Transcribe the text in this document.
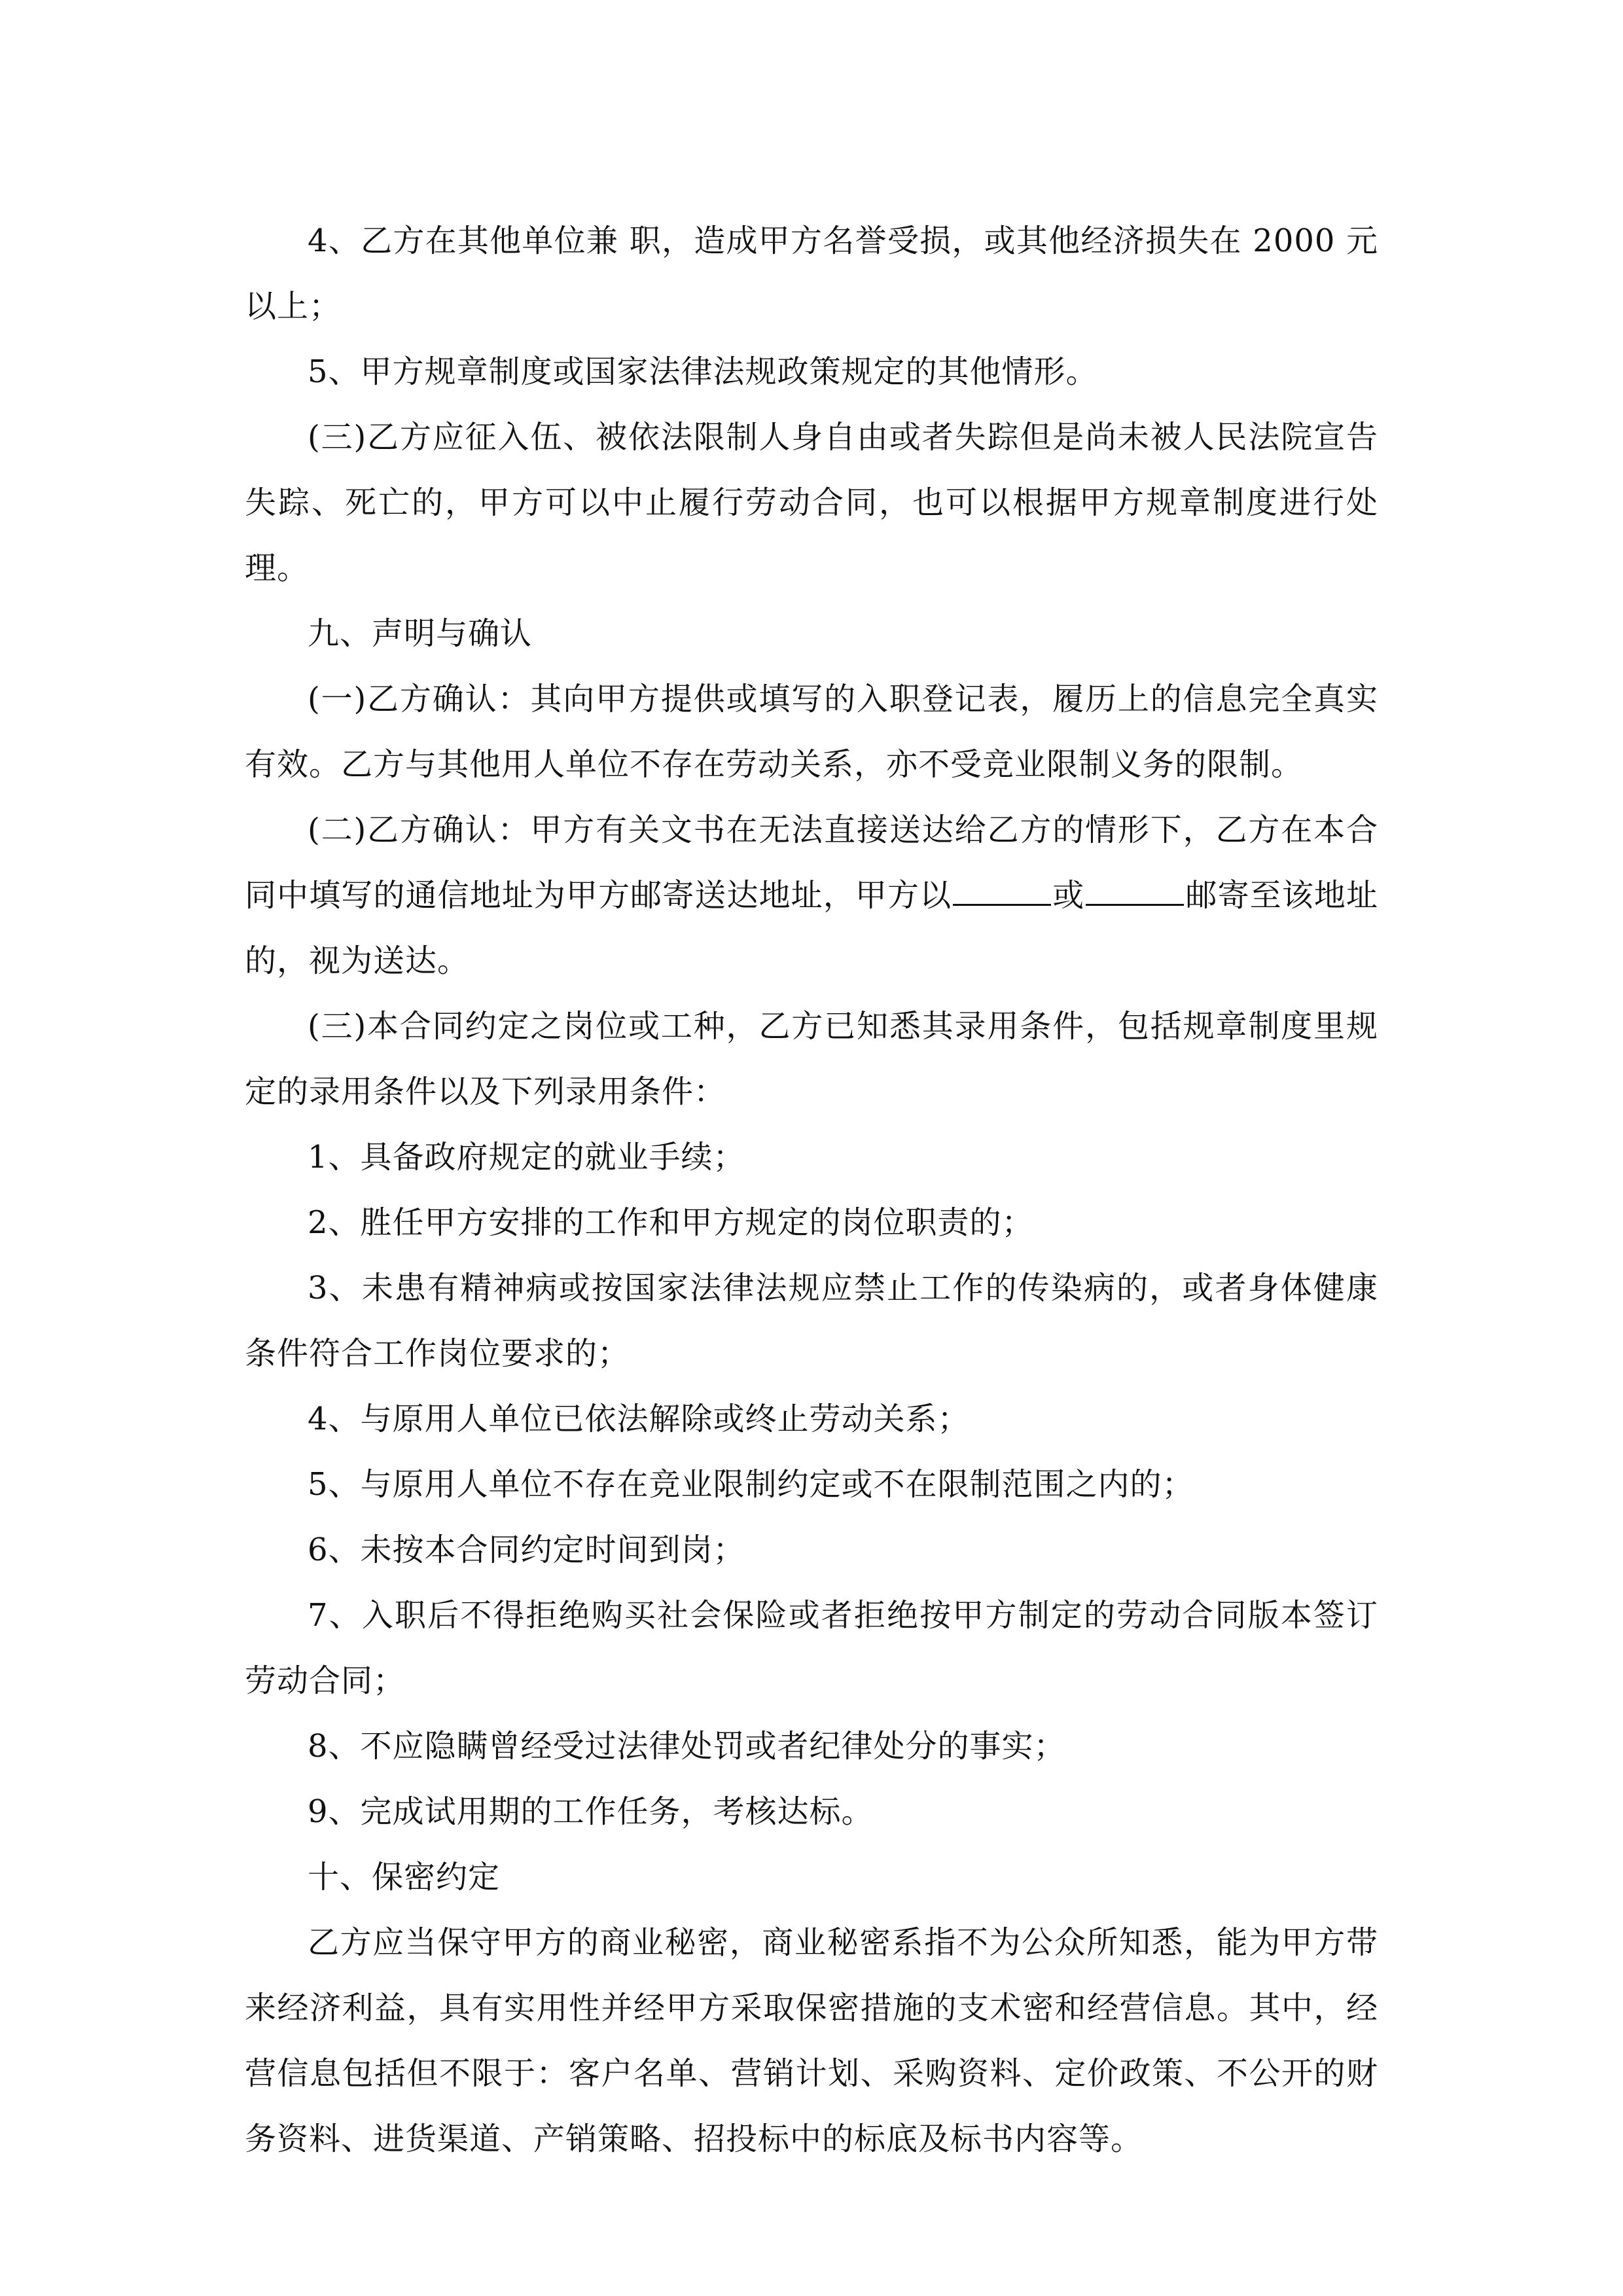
4、乙方在其他单位兼 职，造成甲方名誉受损，或其他经济损失在 2000 元以上；

5、甲方规章制度或国家法律法规政策规定的其他情形。

(三)乙方应征入伍、被依法限制人身自由或者失踪但是尚未被人民法院宣告失踪、死亡的，甲方可以中止履行劳动合同，也可以根据甲方规章制度进行处理。

九、声明与确认

(一)乙方确认：其向甲方提供或填写的入职登记表，履历上的信息完全真实有效。乙方与其他用人单位不存在劳动关系，亦不受竞业限制义务的限制。

(二)乙方确认：甲方有关文书在无法直接送达给乙方的情形下，乙方在本合同中填写的通信地址为甲方邮寄送达地址，甲方以	或	邮寄至该地址的，视为送达。

(三)本合同约定之岗位或工种，乙方已知悉其录用条件，包括规章制度里规定的录用条件以及下列录用条件：

1、具备政府规定的就业手续；

2、胜任甲方安排的工作和甲方规定的岗位职责的；

3、未患有精神病或按国家法律法规应禁止工作的传染病的，或者身体健康条件符合工作岗位要求的；

4、与原用人单位已依法解除或终止劳动关系；

5、与原用人单位不存在竞业限制约定或不在限制范围之内的；

6、未按本合同约定时间到岗；

7、入职后不得拒绝购买社会保险或者拒绝按甲方制定的劳动合同版本签订劳动合同；

8、不应隐瞒曾经受过法律处罚或者纪律处分的事实；

9、完成试用期的工作任务，考核达标。

十、保密约定

乙方应当保守甲方的商业秘密，商业秘密系指不为公众所知悉，能为甲方带来经济利益，具有实用性并经甲方采取保密措施的支术密和经营信息。其中，经营信息包括但不限于：客户名单、营销计划、采购资料、定价政策、不公开的财务资料、进货渠道、产销策略、招投标中的标底及标书内容等。
